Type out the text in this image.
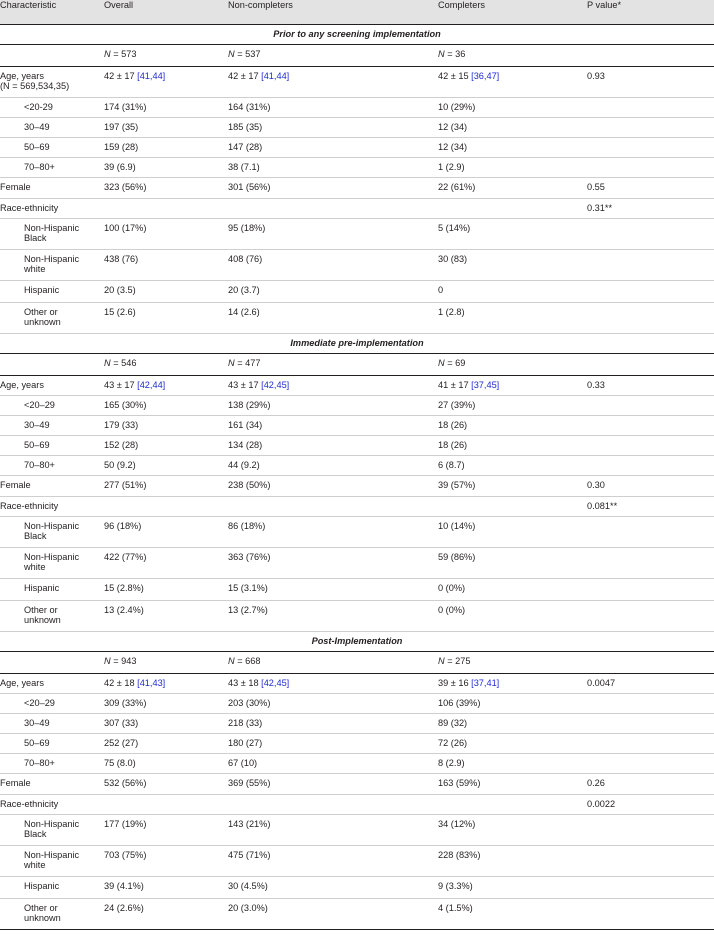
Characteristic	Overall	Non-completers	Completers	P value*
Prior to any screening implementation				
	N = 573	N = 537	N = 36	

Age, years
(N = 569,534,35)	42 ± 17 [41,44]	42 ± 17 [41,44]	42 ± 15 [36,47]	0.93
<20-29	174 (31%)	164 (31%)	10 (29%)	
30–49	197 (35)	185 (35)	12 (34)	
50–69	159 (28)	147 (28)	12 (34)	
70–80+	39 (6.9)	38 (7.1)	1 (2.9)	
Female	323 (56%)	301 (56%)	22 (61%)	0.55
Race-ethnicity				0.31**

Non-Hispanic
Black	100 (17%)	95 (18%)	5 (14%)	

Non-Hispanic
white	438 (76)	408 (76)	30 (83)	

Hispanic	20 (3.5)	20 (3.7)	0	

Other or
unknown	15 (2.6)	14 (2.6)	1 (2.8)	
Immediate pre-implementation				
	N = 546	N = 477	N = 69	

Age, years	43 ± 17 [42,44]	43 ± 17 [42,45]	41 ± 17 [37,45]	0.33
<20–29	165 (30%)	138 (29%)	27 (39%)	
30–49	179 (33)	161 (34)	18 (26)	
50–69	152 (28)	134 (28)	18 (26)	
70–80+	50 (9.2)	44 (9.2)	6 (8.7)	
Female	277 (51%)	238 (50%)	39 (57%)	0.30
Race-ethnicity				0.081**

Non-Hispanic
Black	96 (18%)	86 (18%)	10 (14%)	

Non-Hispanic
white	422 (77%)	363 (76%)	59 (86%)	

Hispanic	15 (2.8%)	15 (3.1%)	0 (0%)	

Other or
unknown	13 (2.4%)	13 (2.7%)	0 (0%)	
Post-Implementation				
	N = 943	N = 668	N = 275	

Age, years	42 ± 18 [41,43]	43 ± 18 [42,45]	39 ± 16 [37,41]	0.0047
<20–29	309 (33%)	203 (30%)	106 (39%)	
30–49	307 (33)	218 (33)	89 (32)	
50–69	252 (27)	180 (27)	72 (26)	
70–80+	75 (8.0)	67 (10)	8 (2.9)	
Female	532 (56%)	369 (55%)	163 (59%)	0.26
Race-ethnicity				0.0022

Non-Hispanic
Black	177 (19%)	143 (21%)	34 (12%)	

Non-Hispanic
white	703 (75%)	475 (71%)	228 (83%)	

Hispanic	39 (4.1%)	30 (4.5%)	9 (3.3%)	

Other or
unknown	24 (2.6%)	20 (3.0%)	4 (1.5%)	
